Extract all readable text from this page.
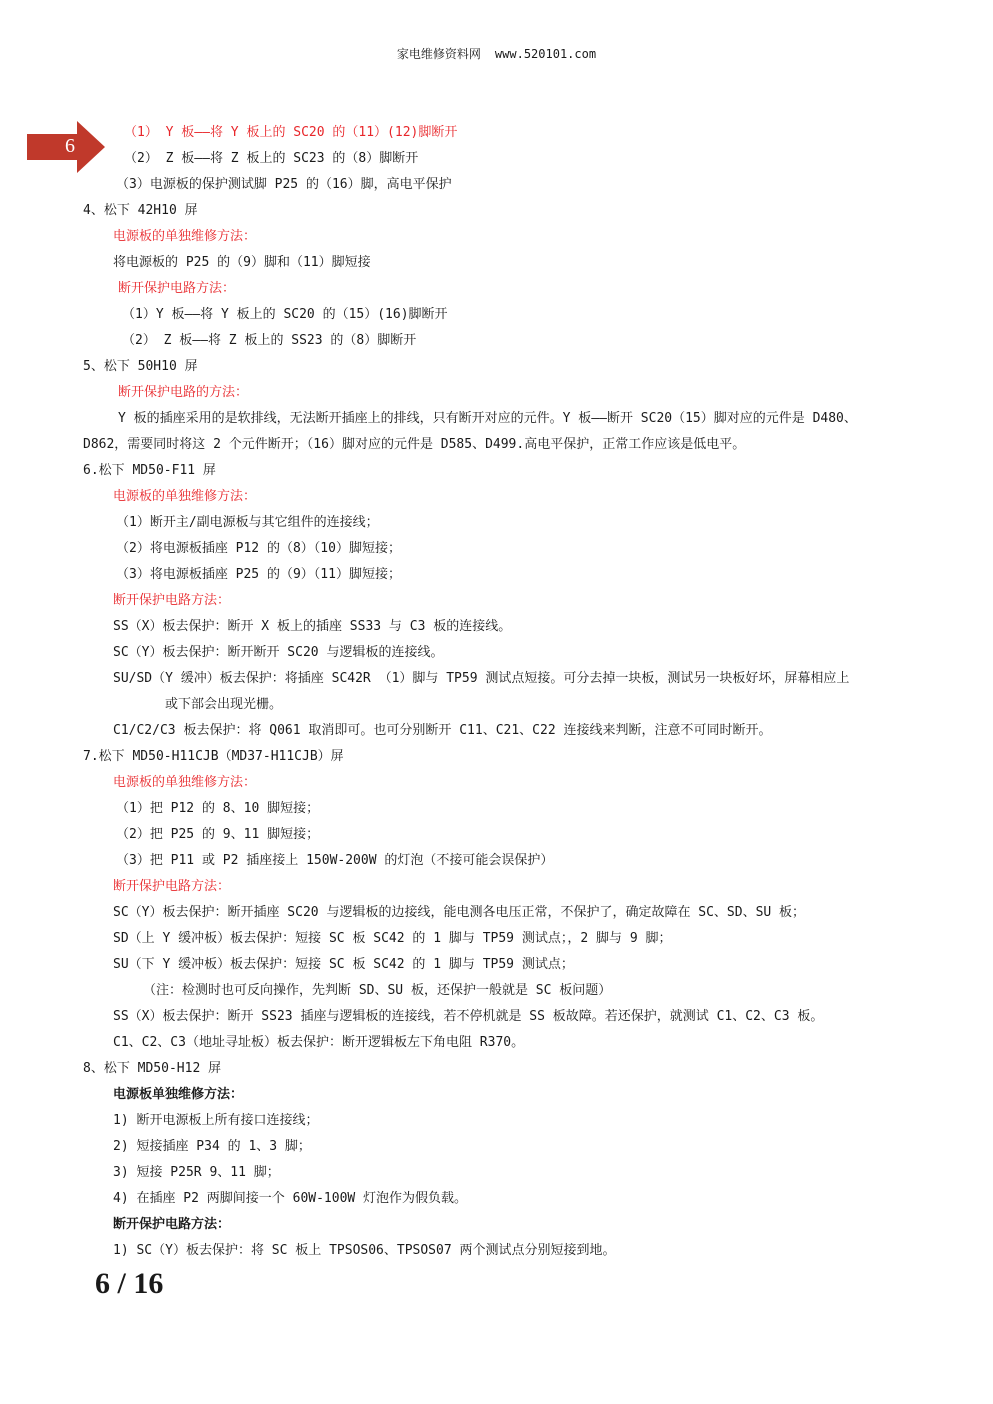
家电维修资料网 www.520101.com
6
（1） Y 板——将 Y 板上的 SC20 的（11）(12)脚断开
（2） Z 板——将 Z 板上的 SC23 的（8）脚断开
（3）电源板的保护测试脚 P25 的（16）脚，高电平保护
4、松下 42H10 屏
电源板的单独维修方法：
将电源板的 P25 的（9）脚和（11）脚短接
断开保护电路方法：
（1）Y 板——将 Y 板上的 SC20 的（15）(16)脚断开
（2） Z 板——将 Z 板上的 SS23 的（8）脚断开
5、松下 50H10 屏
断开保护电路的方法：
Y 板的插座采用的是软排线，无法断开插座上的排线，只有断开对应的元件。Y 板——断开 SC20（15）脚对应的元件是 D480、
D862，需要同时将这 2 个元件断开；（16）脚对应的元件是 D585、D499.高电平保护，正常工作应该是低电平。
6.松下 MD50-F11 屏
电源板的单独维修方法：
（1）断开主/副电源板与其它组件的连接线；
（2）将电源板插座 P12 的（8）（10）脚短接；
（3）将电源板插座 P25 的（9）（11）脚短接；
断开保护电路方法：
SS（X）板去保护：断开 X 板上的插座 SS33 与 C3 板的连接线。
SC（Y）板去保护：断开断开 SC20 与逻辑板的连接线。
SU/SD（Y 缓冲）板去保护：将插座 SC42R （1）脚与 TP59 测试点短接。可分去掉一块板，测试另一块板好坏，屏幕相应上
或下部会出现光栅。
C1/C2/C3 板去保护：将 Q061 取消即可。也可分别断开 C11、C21、C22 连接线来判断，注意不可同时断开。
7.松下 MD50-H11CJB（MD37-H11CJB）屏
电源板的单独维修方法：
（1）把 P12 的 8、10 脚短接；
（2）把 P25 的 9、11 脚短接；
（3）把 P11 或 P2 插座接上 150W-200W 的灯泡（不接可能会误保护）
断开保护电路方法：
SC（Y）板去保护：断开插座 SC20 与逻辑板的边接线，能电测各电压正常，不保护了，确定故障在 SC、SD、SU 板；
SD（上 Y 缓冲板）板去保护：短接 SC 板 SC42 的 1 脚与 TP59 测试点；，2 脚与 9 脚；
SU（下 Y 缓冲板）板去保护：短接 SC 板 SC42 的 1 脚与 TP59 测试点；
（注：检测时也可反向操作，先判断 SD、SU 板，还保护一般就是 SC 板问题）
SS（X）板去保护：断开 SS23 插座与逻辑板的连接线，若不停机就是 SS 板故障。若还保护，就测试 C1、C2、C3 板。
C1、C2、C3（地址寻址板）板去保护：断开逻辑板左下角电阻 R370。
8、松下 MD50-H12 屏
电源板单独维修方法：
1) 断开电源板上所有接口连接线；
2) 短接插座 P34 的 1、3 脚；
3) 短接 P25R 9、11 脚；
4) 在插座 P2 两脚间接一个 60W-100W 灯泡作为假负载。
断开保护电路方法：
1) SC（Y）板去保护：将 SC 板上 TPSOS06、TPSOS07 两个测试点分别短接到地。
6 / 16
